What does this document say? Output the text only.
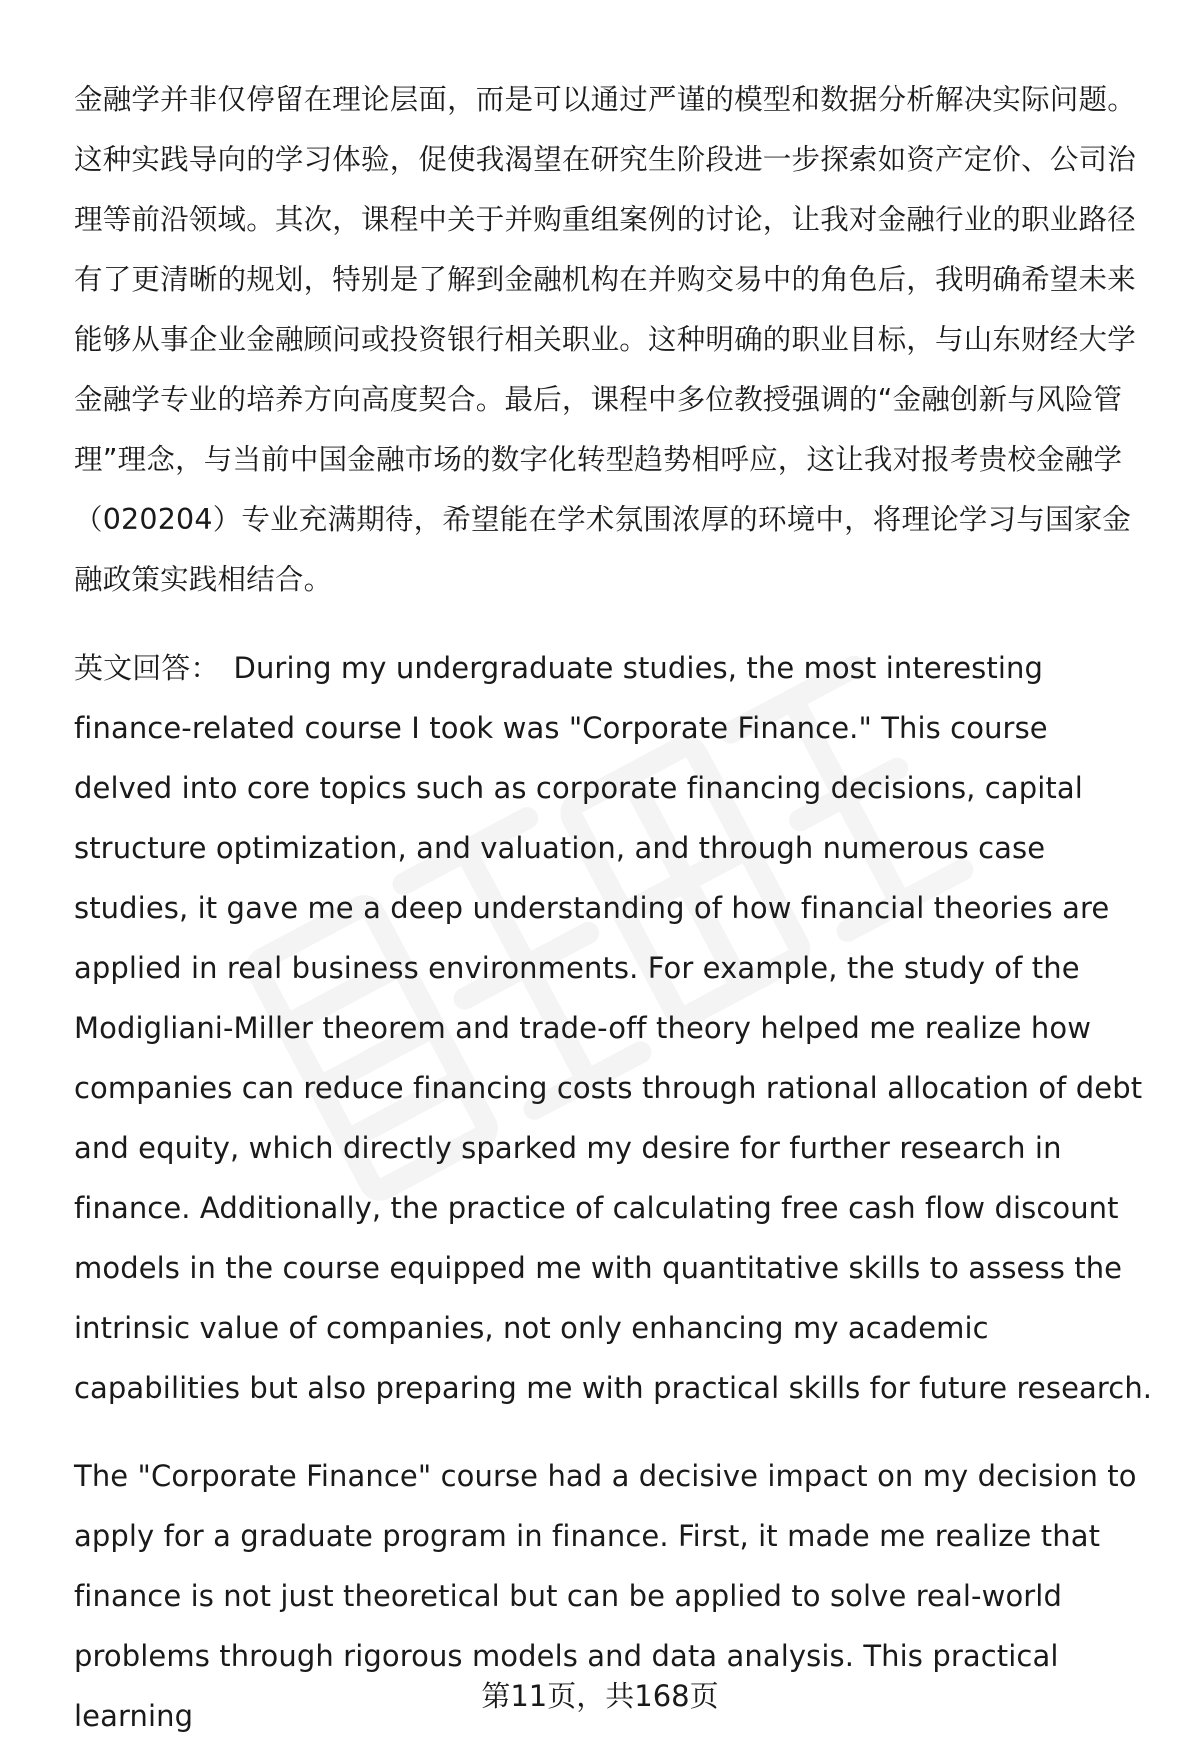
金融学并非仅停留在理论层面，而是可以通过严谨的模型和数据分析解决实际问题。这种实践导向的学习体验，促使我渴望在研究生阶段进一步探索如资产定价、公司治理等前沿领域。其次，课程中关于并购重组案例的讨论，让我对金融行业的职业路径有了更清晰的规划，特别是了解到金融机构在并购交易中的角色后，我明确希望未来能够从事企业金融顾问或投资银行相关职业。这种明确的职业目标，与山东财经大学金融学专业的培养方向高度契合。最后，课程中多位教授强调的“金融创新与风险管理”理念，与当前中国金融市场的数字化转型趋势相呼应，这让我对报考贵校金融学（020204）专业充满期待，希望能在学术氛围浓厚的环境中，将理论学习与国家金融政策实践相结合。

英文回答： During my undergraduate studies, the most interesting finance-related course I took was "Corporate Finance." This course delved into core topics such as corporate financing decisions, capital structure optimization, and valuation, and through numerous case studies, it gave me a deep understanding of how financial theories are applied in real business environments. For example, the study of the Modigliani-Miller theorem and trade-off theory helped me realize how companies can reduce financing costs through rational allocation of debt and equity, which directly sparked my desire for further research in finance. Additionally, the practice of calculating free cash flow discount models in the course equipped me with quantitative skills to assess the intrinsic value of companies, not only enhancing my academic capabilities but also preparing me with practical skills for future research.

The "Corporate Finance" course had a decisive impact on my decision to apply for a graduate program in finance. First, it made me realize that finance is not just theoretical but can be applied to solve real-world problems through rigorous models and data analysis. This practical learning

第11页，共168页
